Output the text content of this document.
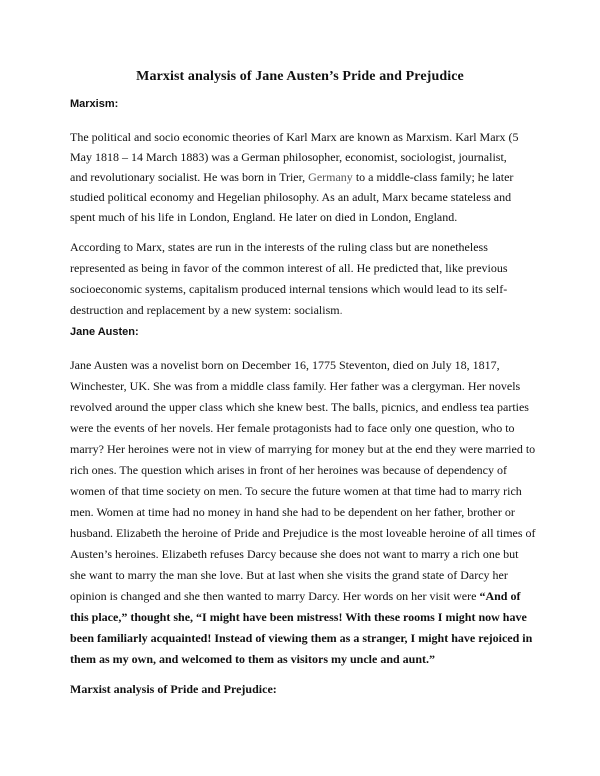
Marxist analysis of Jane Austen’s Pride and Prejudice
Marxism:
The political and socio economic theories of Karl Marx are known as Marxism. Karl Marx (5
May 1818 – 14 March 1883) was a German philosopher, economist, sociologist, journalist,
and revolutionary socialist. He was born in Trier, Germany to a middle-class family; he later
studied political economy and Hegelian philosophy. As an adult, Marx became stateless and
spent much of his life in London, England. He later on died in London, England.
According to Marx, states are run in the interests of the ruling class but are nonetheless
represented as being in favor of the common interest of all. He predicted that, like previous
socioeconomic systems, capitalism produced internal tensions which would lead to its self-
destruction and replacement by a new system: socialism.
Jane Austen:
Jane Austen was a novelist born on December 16, 1775 Steventon, died on July 18, 1817,
Winchester, UK. She was from a middle class family. Her father was a clergyman. Her novels
revolved around the upper class which she knew best. The balls, picnics, and endless tea parties
were the events of her novels. Her female protagonists had to face only one question, who to
marry? Her heroines were not in view of marrying for money but at the end they were married to
rich ones. The question which arises in front of her heroines was because of dependency of
women of that time society on men. To secure the future women at that time had to marry rich
men. Women at time had no money in hand she had to be dependent on her father, brother or
husband. Elizabeth the heroine of Pride and Prejudice is the most loveable heroine of all times of
Austen’s heroines. Elizabeth refuses Darcy because she does not want to marry a rich one but
she want to marry the man she love. But at last when she visits the grand state of Darcy her
opinion is changed and she then wanted to marry Darcy. Her words on her visit were “And of
this place,” thought she, “I might have been mistress! With these rooms I might now have
been familiarly acquainted! Instead of viewing them as a stranger, I might have rejoiced in
them as my own, and welcomed to them as visitors my uncle and aunt.”
Marxist analysis of Pride and Prejudice:
